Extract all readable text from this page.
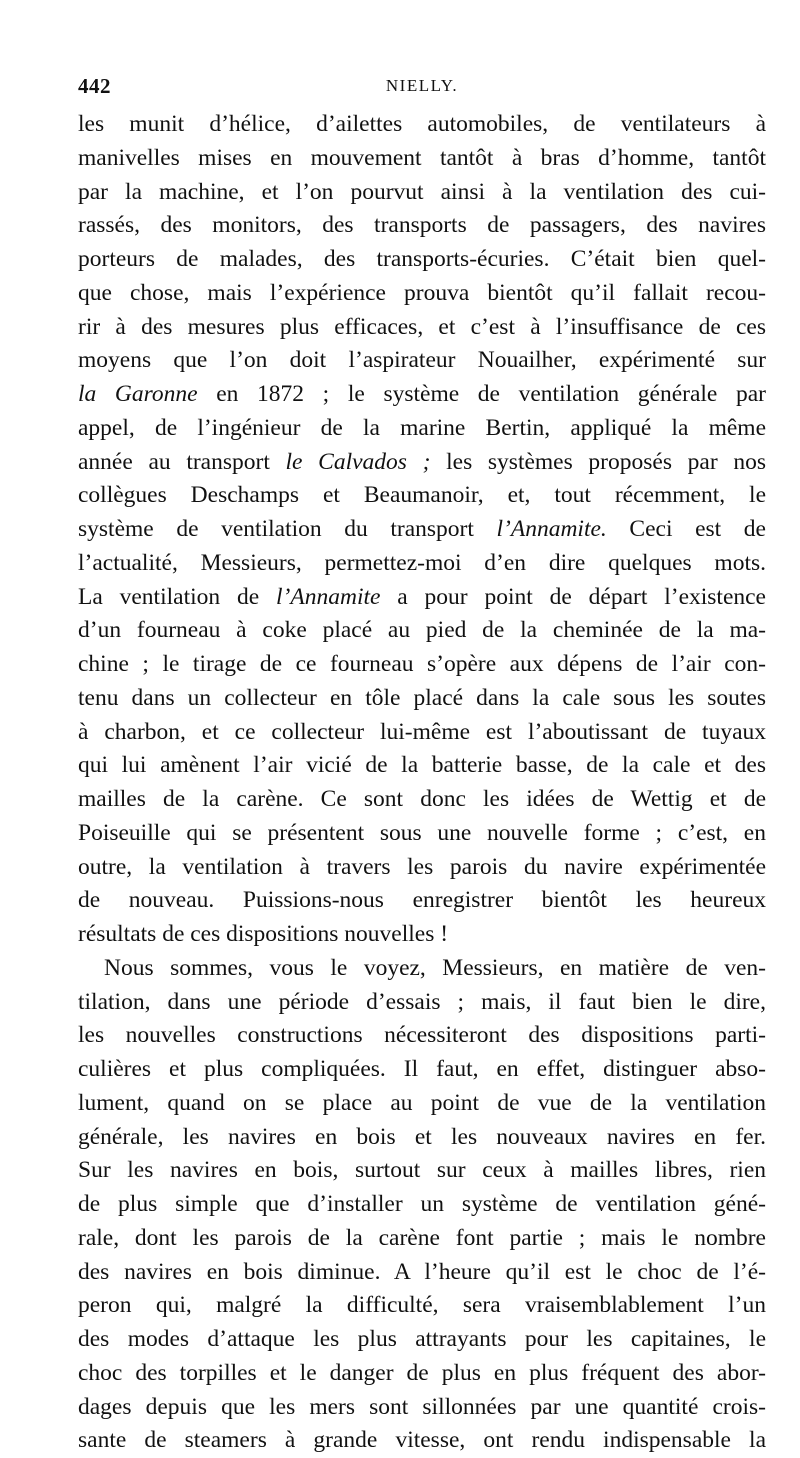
442	NIELLY.
les munit d’hélice, d’ailettes automobiles, de ventilateurs à
manivelles mises en mouvement tantôt à bras d’homme, tantôt
par la machine, et l’on pourvut ainsi à la ventilation des cui-
rassés, des monitors, des transports de passagers, des navires
porteurs de malades, des transports-écuries. C’était bien quel-
que chose, mais l’expérience prouva bientôt qu’il fallait recou-
rir à des mesures plus efficaces, et c’est à l’insuffisance de ces
moyens que l’on doit l’aspirateur Nouailher, expérimenté sur
la Garonne en 1872 ; le système de ventilation générale par
appel, de l’ingénieur de la marine Bertin, appliqué la même
année au transport le Calvados ; les systèmes proposés par nos
collègues Deschamps et Beaumanoir, et, tout récemment, le
système de ventilation du transport l’Annamite. Ceci est de
l’actualité, Messieurs, permettez-moi d’en dire quelques mots.
La ventilation de l’Annamite a pour point de départ l’existence
d’un fourneau à coke placé au pied de la cheminée de la ma-
chine ; le tirage de ce fourneau s’opère aux dépens de l’air con-
tenu dans un collecteur en tôle placé dans la cale sous les soutes
à charbon, et ce collecteur lui-même est l’aboutissant de tuyaux
qui lui amènent l’air vicié de la batterie basse, de la cale et des
mailles de la carène. Ce sont donc les idées de Wettig et de
Poiseuille qui se présentent sous une nouvelle forme ; c’est, en
outre, la ventilation à travers les parois du navire expérimentée
de nouveau. Puissions-nous enregistrer bientôt les heureux
résultats de ces dispositions nouvelles !
Nous sommes, vous le voyez, Messieurs, en matière de ven-
tilation, dans une période d’essais ; mais, il faut bien le dire,
les nouvelles constructions nécessiteront des dispositions parti-
culières et plus compliquées. Il faut, en effet, distinguer abso-
lument, quand on se place au point de vue de la ventilation
générale, les navires en bois et les nouveaux navires en fer.
Sur les navires en bois, surtout sur ceux à mailles libres, rien
de plus simple que d’installer un système de ventilation géné-
rale, dont les parois de la carène font partie ; mais le nombre
des navires en bois diminue. A l’heure qu’il est le choc de l’é-
peron qui, malgré la difficulté, sera vraisemblablement l’un
des modes d’attaque les plus attrayants pour les capitaines, le
choc des torpilles et le danger de plus en plus fréquent des abor-
dages depuis que les mers sont sillonnées par une quantité crois-
sante de steamers à grande vitesse, ont rendu indispensable la
